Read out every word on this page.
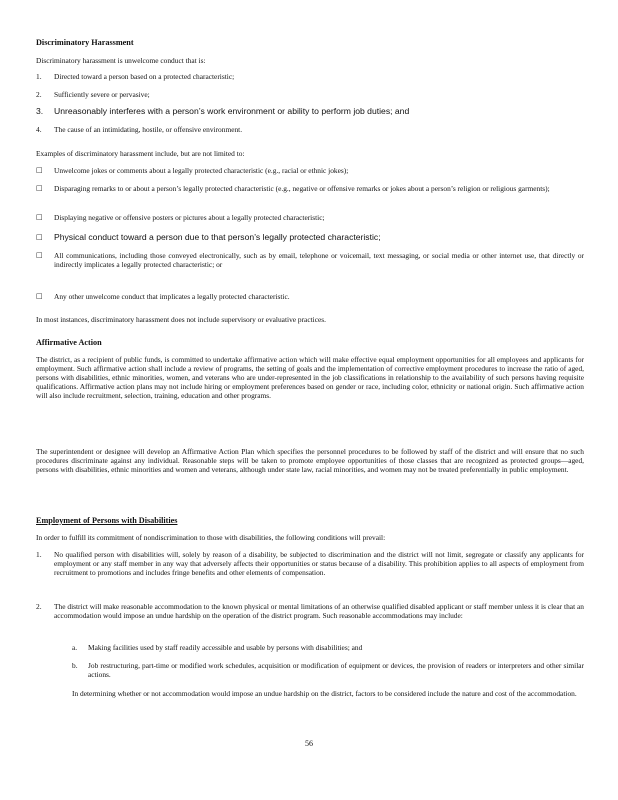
Discriminatory Harassment
Discriminatory harassment is unwelcome conduct that is:
1.	Directed toward a person based on a protected characteristic;
2.	Sufficiently severe or pervasive;
3.	Unreasonably interferes with a person’s work environment or ability to perform job duties; and
4.	The cause of an intimidating, hostile, or offensive environment.
Examples of discriminatory harassment include, but are not limited to:
□	Unwelcome jokes or comments about a legally protected characteristic (e.g., racial or ethnic jokes);
□	Disparaging remarks to or about a person’s legally protected characteristic (e.g., negative or offensive remarks or jokes about a person’s religion or religious garments);
□	Displaying negative or offensive posters or pictures about a legally protected characteristic;
□	Physical conduct toward a person due to that person’s legally protected characteristic;
□	All communications, including those conveyed electronically, such as by email, telephone or voicemail, text messaging, or social media or other internet use, that directly or indirectly implicates a legally protected characteristic; or
□	Any other unwelcome conduct that implicates a legally protected characteristic.
In most instances, discriminatory harassment does not include supervisory or evaluative practices.
Affirmative Action
The district, as a recipient of public funds, is committed to undertake affirmative action which will make effective equal employment opportunities for all employees and applicants for employment. Such affirmative action shall include a review of programs, the setting of goals and the implementation of corrective employment procedures to increase the ratio of aged, persons with disabilities, ethnic minorities, women, and veterans who are under-represented in the job classifications in relationship to the availability of such persons having requisite qualifications. Affirmative action plans may not include hiring or employment preferences based on gender or race, including color, ethnicity or national origin. Such affirmative action will also include recruitment, selection, training, education and other programs.
The superintendent or designee will develop an Affirmative Action Plan which specifies the personnel procedures to be followed by staff of the district and will ensure that no such procedures discriminate against any individual. Reasonable steps will be taken to promote employee opportunities of those classes that are recognized as protected groups—aged, persons with disabilities, ethnic minorities and women and veterans, although under state law, racial minorities, and women may not be treated preferentially in public employment.
Employment of Persons with Disabilities
In order to fulfill its commitment of nondiscrimination to those with disabilities, the following conditions will prevail:
1.	No qualified person with disabilities will, solely by reason of a disability, be subjected to discrimination and the district will not limit, segregate or classify any applicants for employment or any staff member in any way that adversely affects their opportunities or status because of a disability. This prohibition applies to all aspects of employment from recruitment to promotions and includes fringe benefits and other elements of compensation.
2.	The district will make reasonable accommodation to the known physical or mental limitations of an otherwise qualified disabled applicant or staff member unless it is clear that an accommodation would impose an undue hardship on the operation of the district program. Such reasonable accommodations may include:
a.	Making facilities used by staff readily accessible and usable by persons with disabilities; and
b.	Job restructuring, part-time or modified work schedules, acquisition or modification of equipment or devices, the provision of readers or interpreters and other similar actions.
In determining whether or not accommodation would impose an undue hardship on the district, factors to be considered include the nature and cost of the accommodation.
56
